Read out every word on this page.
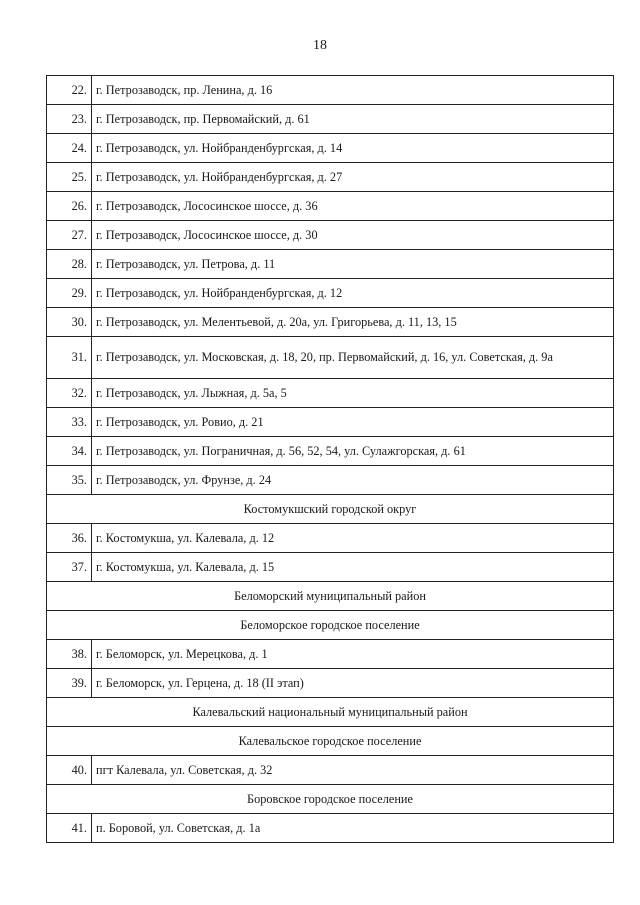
18
22.	г. Петрозаводск, пр. Ленина, д. 16
23.	г. Петрозаводск, пр. Первомайский, д. 61
24.	г. Петрозаводск, ул. Нойбранденбургская, д. 14
25.	г. Петрозаводск, ул. Нойбранденбургская, д. 27
26.	г. Петрозаводск, Лососинское шоссе, д. 36
27.	г. Петрозаводск, Лососинское шоссе, д. 30
28.	г. Петрозаводск, ул. Петрова, д. 11
29.	г. Петрозаводск, ул. Нойбранденбургская, д. 12
30.	г. Петрозаводск, ул. Мелентьевой, д. 20а, ул. Григорьева, д. 11, 13, 15
31.	г. Петрозаводск, ул. Московская, д. 18, 20, пр. Первомайский, д. 16, ул. Советская, д. 9а
32.	г. Петрозаводск, ул. Лыжная, д. 5а, 5
33.	г. Петрозаводск, ул. Ровио, д. 21
34.	г. Петрозаводск, ул. Пограничная, д. 56, 52, 54, ул. Сулажгорская, д. 61
35.	г. Петрозаводск, ул. Фрунзе, д. 24
Костомукшский городской округ	
36.	г. Костомукша, ул. Калевала, д. 12
37.	г. Костомукша, ул. Калевала, д. 15
Беломорский муниципальный район	
Беломорское городское поселение	
38.	г. Беломорск, ул. Мерецкова, д. 1
39.	г. Беломорск, ул. Герцена, д. 18 (II этап)
Калевальский национальный муниципальный район	
Калевальское городское поселение	
40.	пгт Калевала, ул. Советская, д. 32
Боровское городское поселение	
41.	п. Боровой, ул. Советская, д. 1а
